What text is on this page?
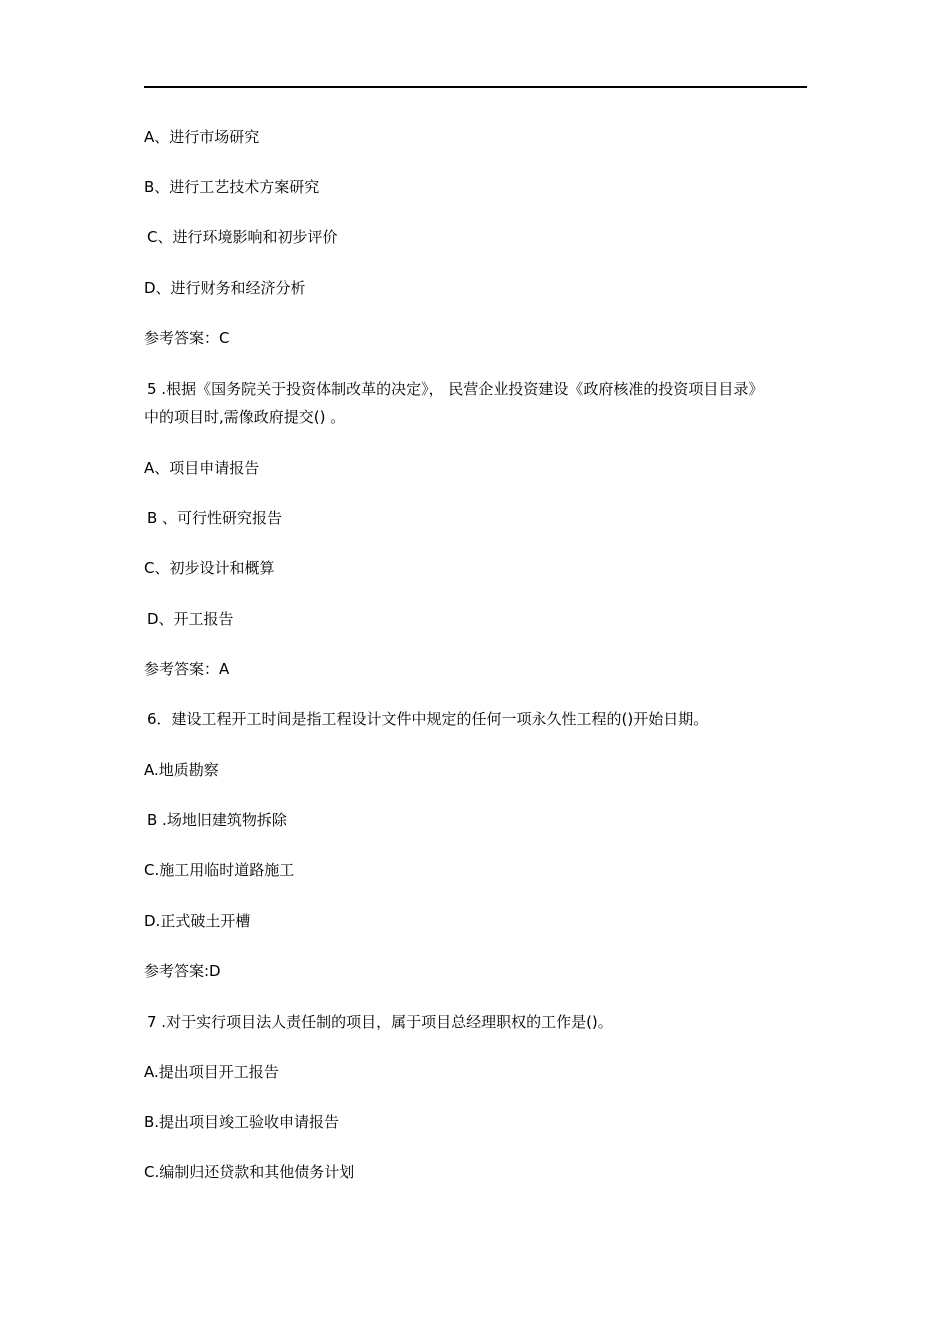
A、进行市场研究
B、进行工艺技术方案研究
C、进行环境影响和初步评价
D、进行财务和经济分析
参考答案：C
5 .根据《国务院关于投资体制改革的决定》， 民营企业投资建设《政府核准的投资项目目录》
中的项目时,需像政府提交() 。
A、项目申请报告
B 、可行性研究报告
C、初步设计和概算
D、开工报告
参考答案：A
6．建设工程开工时间是指工程设计文件中规定的任何一项永久性工程的()开始日期。
A.地质勘察
B .场地旧建筑物拆除
C.施工用临时道路施工
D.正式破土开槽
参考答案:D
7 .对于实行项目法人责任制的项目，属于项目总经理职权的工作是()。
A.提出项目开工报告
B.提出项目竣工验收申请报告
C.编制归还贷款和其他债务计划
